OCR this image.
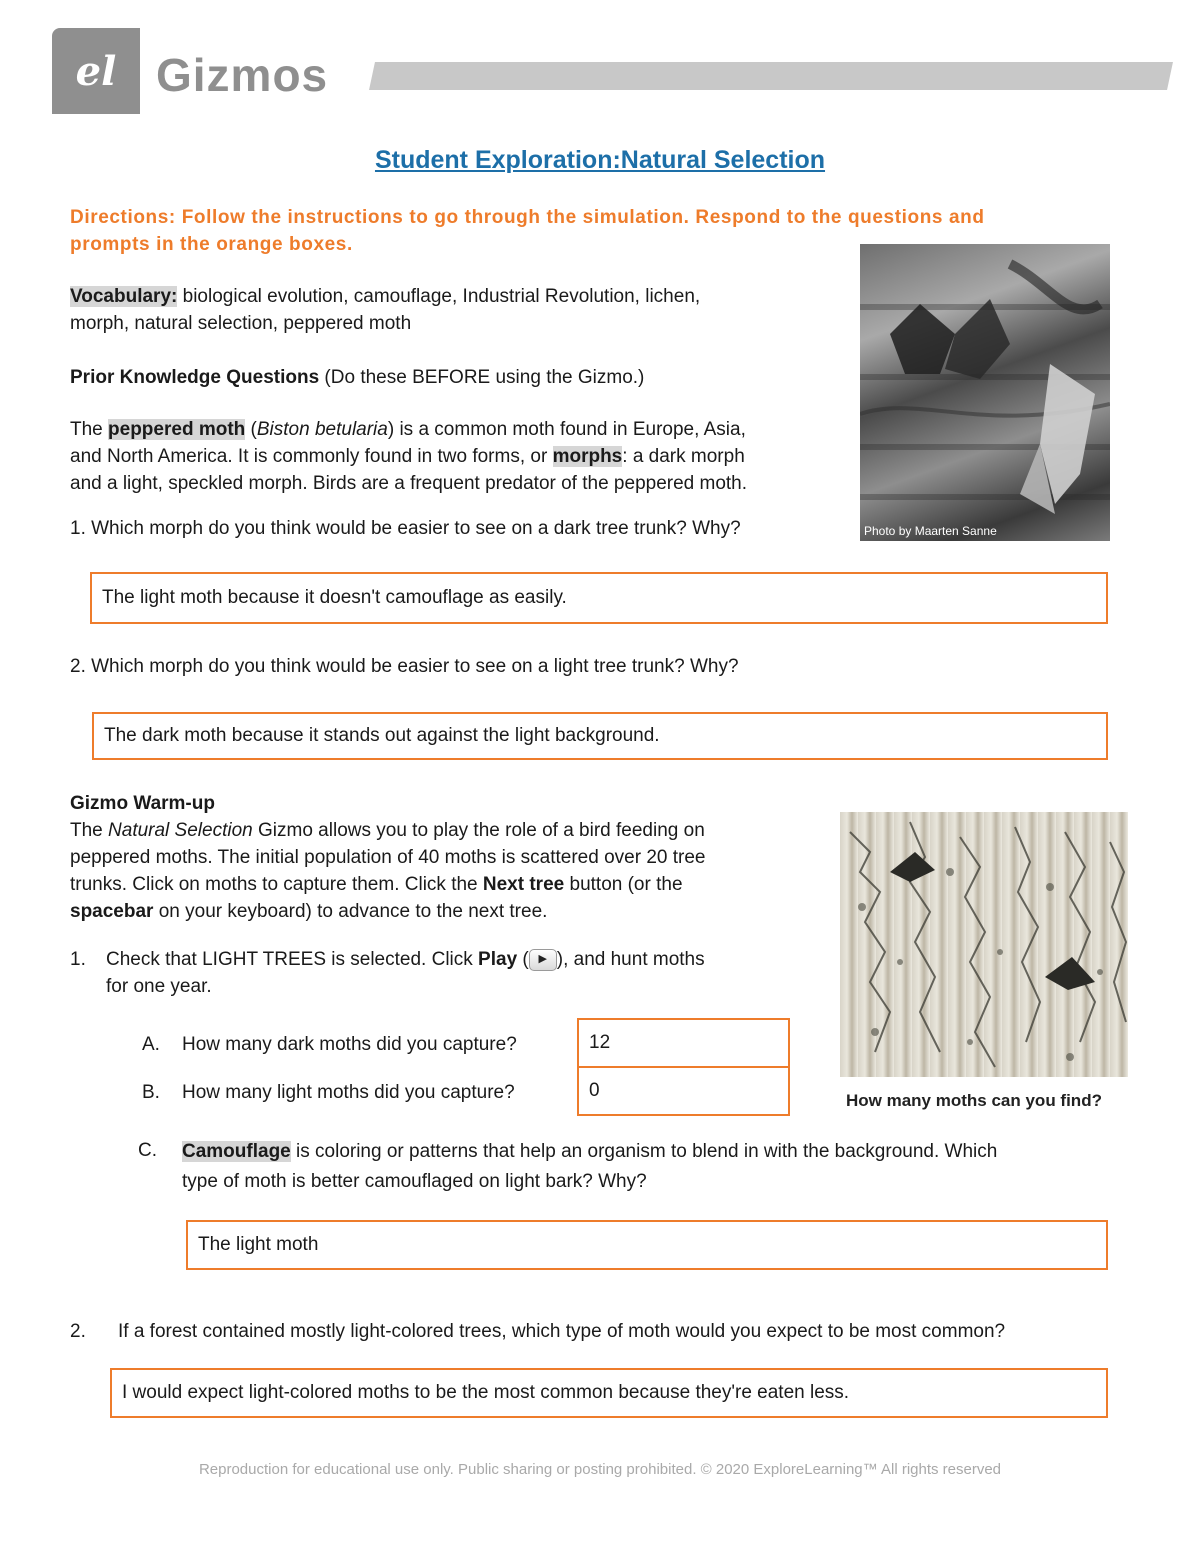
el Gizmos
Student Exploration:Natural Selection
Directions: Follow the instructions to go through the simulation. Respond to the questions and prompts in the orange boxes.
Vocabulary: biological evolution, camouflage, Industrial Revolution, lichen,
morph, natural selection, peppered moth
Prior Knowledge Questions (Do these BEFORE using the Gizmo.)
The peppered moth (Biston betularia) is a common moth found in Europe, Asia,
and North America. It is commonly found in two forms, or morphs: a dark morph
and a light, speckled morph. Birds are a frequent predator of the peppered moth.
Photo by Maarten Sanne
1. Which morph do you think would be easier to see on a dark tree trunk? Why?
The light moth because it doesn't camouflage as easily.
2. Which morph do you think would be easier to see on a light tree trunk? Why?
The dark moth because it stands out against the light background.
Gizmo Warm-up
The Natural Selection Gizmo allows you to play the role of a bird feeding on
peppered moths. The initial population of 40 moths is scattered over 20 tree
trunks. Click on moths to capture them. Click the Next tree button (or the
spacebar on your keyboard) to advance to the next tree.
How many moths can you find?
1. Check that LIGHT TREES is selected. Click Play ( ▶ ), and hunt moths
for one year.
A. How many dark moths did you capture?	12
B. How many light moths did you capture?	0
C. Camouflage is coloring or patterns that help an organism to blend in with the background. Which
type of moth is better camouflaged on light bark? Why?
The light moth
2. If a forest contained mostly light-colored trees, which type of moth would you expect to be most common?
I would expect light-colored moths to be the most common because they're eaten less.
Reproduction for educational use only. Public sharing or posting prohibited. © 2020 ExploreLearning™ All rights reserved
